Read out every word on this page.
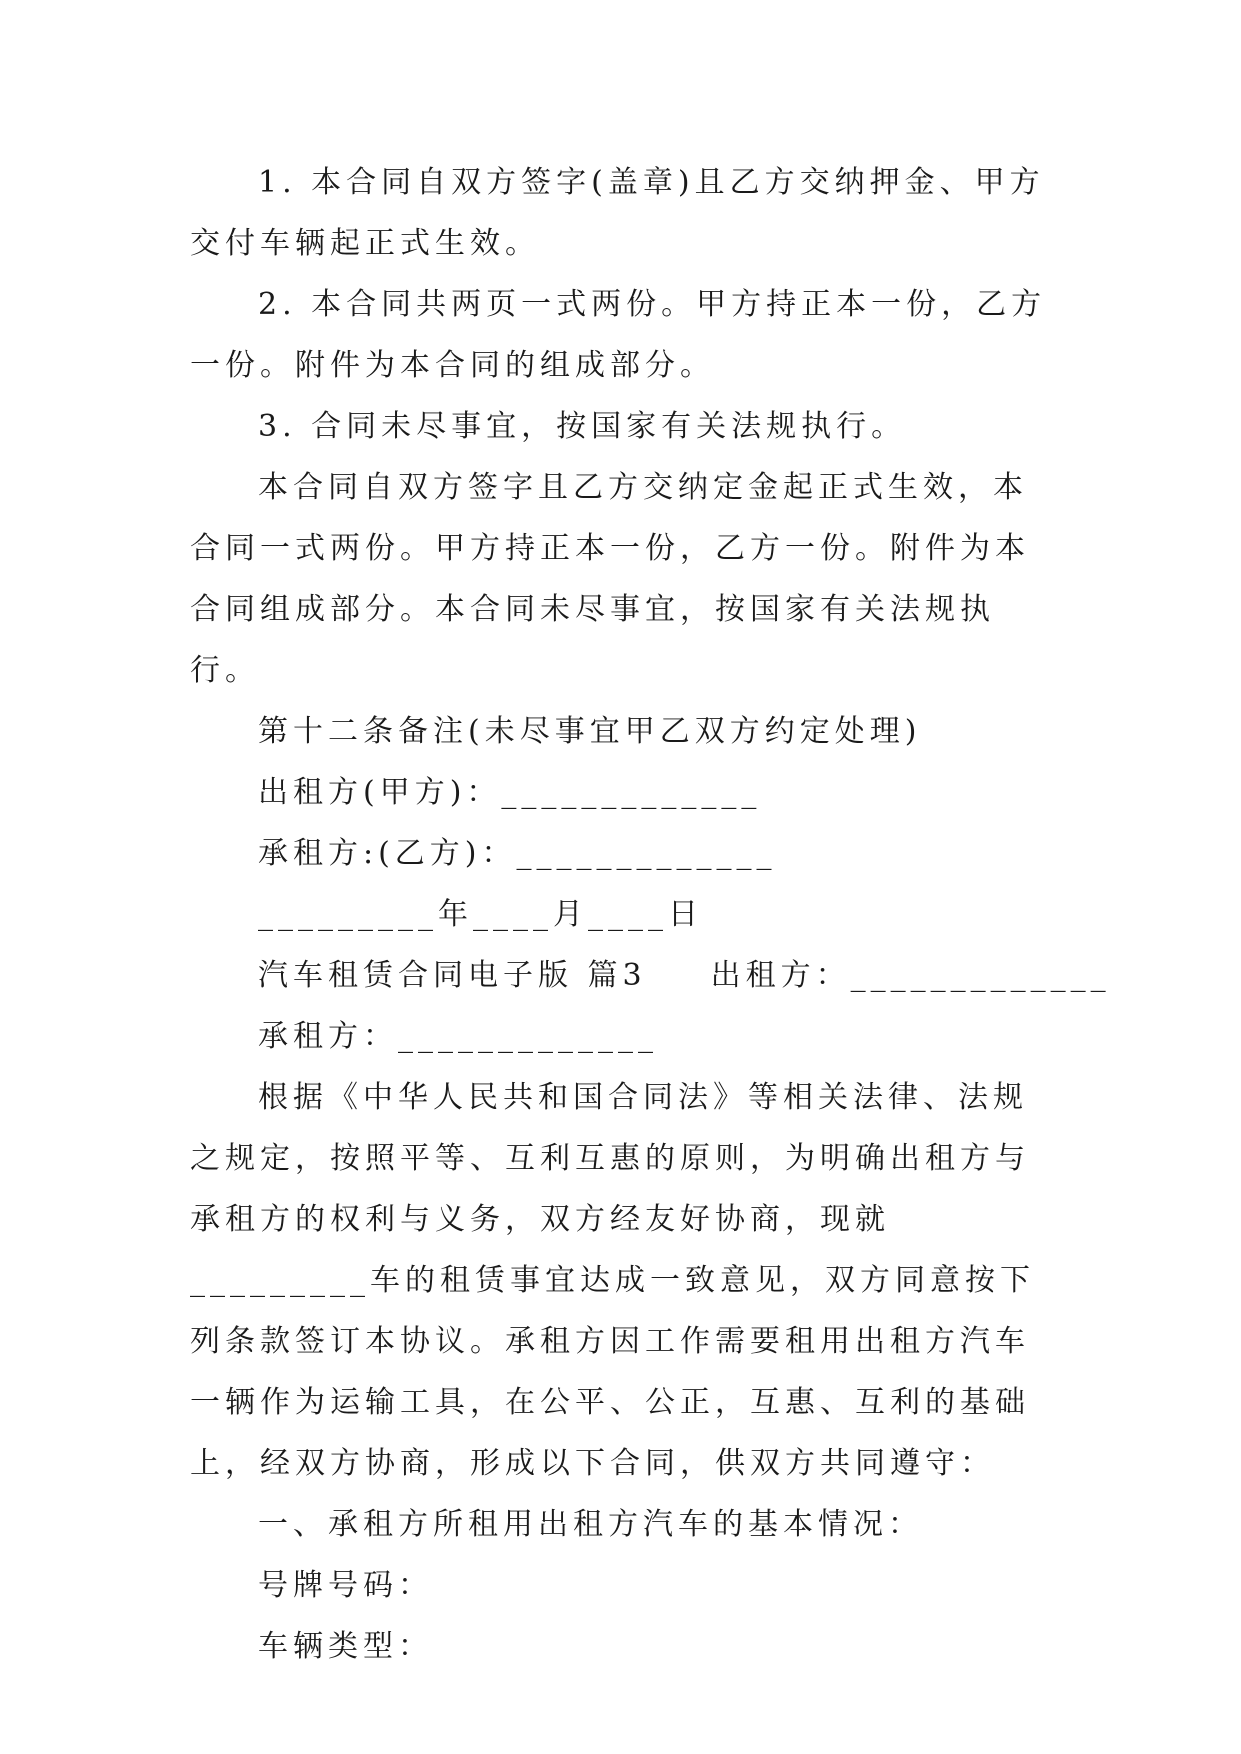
1. 本合同自双方签字(盖章)且乙方交纳押金、甲方交付车辆起正式生效。

2. 本合同共两页一式两份。甲方持正本一份，乙方一份。附件为本合同的组成部分。

3. 合同未尽事宜，按国家有关法规执行。

本合同自双方签字且乙方交纳定金起正式生效，本合同一式两份。甲方持正本一份，乙方一份。附件为本合同组成部分。本合同未尽事宜，按国家有关法规执行。

第十二条备注(未尽事宜甲乙双方约定处理)

出租方(甲方)：_____________

承租方:(乙方)：_____________

_________年____月____日

汽车租赁合同电子版 篇3 出租方：_____________

承租方：_____________

根据《中华人民共和国合同法》等相关法律、法规之规定，按照平等、互利互惠的原则，为明确出租方与承租方的权利与义务，双方经友好协商，现就_________车的租赁事宜达成一致意见，双方同意按下列条款签订本协议。承租方因工作需要租用出租方汽车一辆作为运输工具，在公平、公正，互惠、互利的基础上，经双方协商，形成以下合同，供双方共同遵守：

一、承租方所租用出租方汽车的基本情况：

号牌号码：

车辆类型：
